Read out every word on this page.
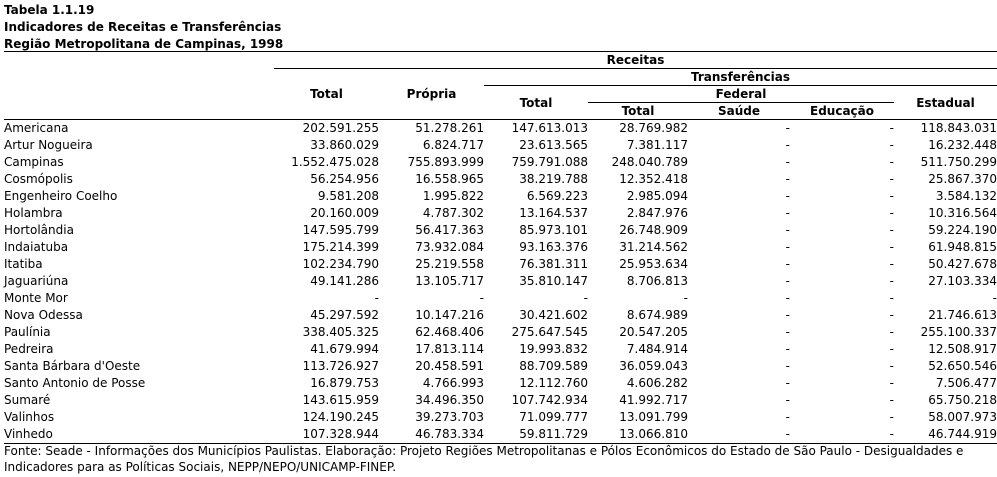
Tabela 1.1.19
Indicadores de Receitas e Transferências
Região Metropolitana de Campinas, 1998
	Receitas						
	Total	Própria	Transferências				
			Total	Federal			Estadual
				Total	Saúde	Educação	
Americana	202.591.255	51.278.261	147.613.013	28.769.982	-	-	118.843.031
Artur Nogueira	33.860.029	6.824.717	23.613.565	7.381.117	-	-	16.232.448
Campinas	1.552.475.028	755.893.999	759.791.088	248.040.789	-	-	511.750.299
Cosmópolis	56.254.956	16.558.965	38.219.788	12.352.418	-	-	25.867.370
Engenheiro Coelho	9.581.208	1.995.822	6.569.223	2.985.094	-	-	3.584.132
Holambra	20.160.009	4.787.302	13.164.537	2.847.976	-	-	10.316.564
Hortolândia	147.595.799	56.417.363	85.973.101	26.748.909	-	-	59.224.190
Indaiatuba	175.214.399	73.932.084	93.163.376	31.214.562	-	-	61.948.815
Itatiba	102.234.790	25.219.558	76.381.311	25.953.634	-	-	50.427.678
Jaguariúna	49.141.286	13.105.717	35.810.147	8.706.813	-	-	27.103.334
Monte Mor	-	-	-	-	-	-	-
Nova Odessa	45.297.592	10.147.216	30.421.602	8.674.989	-	-	21.746.613
Paulínia	338.405.325	62.468.406	275.647.545	20.547.205	-	-	255.100.337
Pedreira	41.679.994	17.813.114	19.993.832	7.484.914	-	-	12.508.917
Santa Bárbara d'Oeste	113.726.927	20.458.591	88.709.589	36.059.043	-	-	52.650.546
Santo Antonio de Posse	16.879.753	4.766.993	12.112.760	4.606.282	-	-	7.506.477
Sumaré	143.615.959	34.496.350	107.742.934	41.992.717	-	-	65.750.218
Valinhos	124.190.245	39.273.703	71.099.777	13.091.799	-	-	58.007.973
Vinhedo	107.328.944	46.783.334	59.811.729	13.066.810	-	-	46.744.919
Fonte: Seade - Informações dos Municípios Paulistas. Elaboração: Projeto Regiões Metropolitanas e Pólos Econômicos do Estado de São Paulo - Desigualdades e
Indicadores para as Políticas Sociais, NEPP/NEPO/UNICAMP-FINEP.
